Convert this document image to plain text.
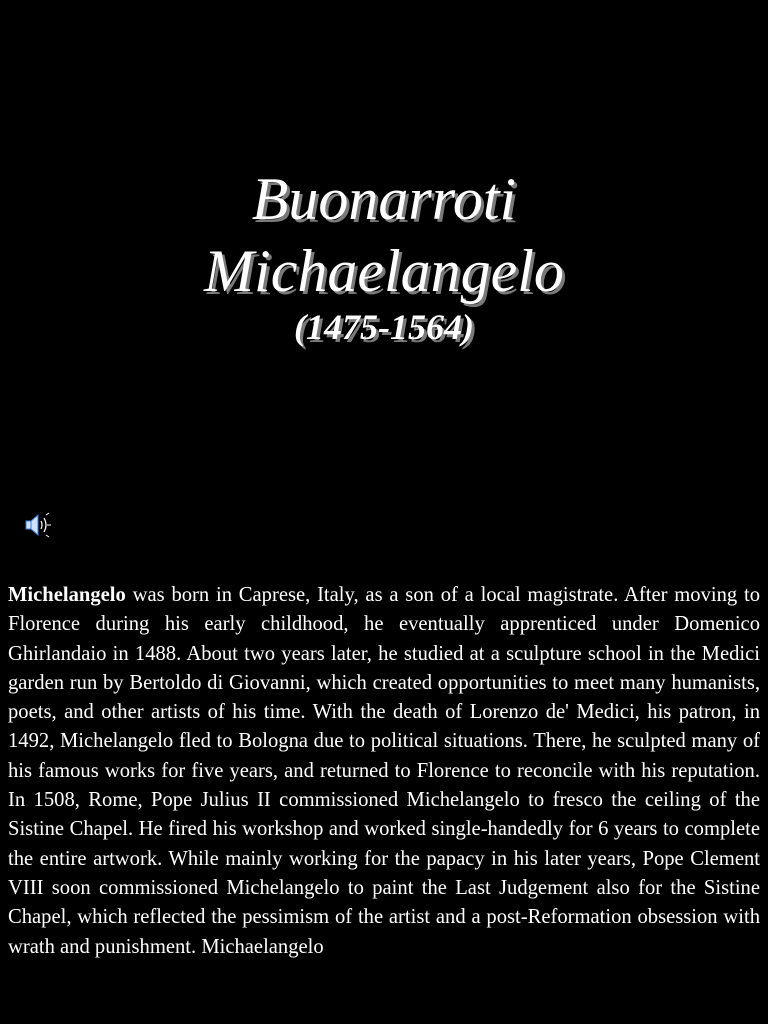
Buonarroti
Michaelangelo
(1475-1564)

Michelangelo was born in Caprese, Italy, as a son of a local magistrate. After moving to Florence during his early childhood, he eventually apprenticed under Domenico Ghirlandaio in 1488. About two years later, he studied at a sculpture school in the Medici garden run by Bertoldo di Giovanni, which created opportunities to meet many humanists, poets, and other artists of his time. With the death of Lorenzo de' Medici, his patron, in 1492, Michelangelo fled to Bologna due to political situations. There, he sculpted many of his famous works for five years, and returned to Florence to reconcile with his reputation. In 1508, Rome, Pope Julius II commissioned Michelangelo to fresco the ceiling of the Sistine Chapel. He fired his workshop and worked single-handedly for 6 years to complete the entire artwork. While mainly working for the papacy in his later years, Pope Clement VIII soon commissioned Michelangelo to paint the Last Judgement also for the Sistine Chapel, which reflected the pessimism of the artist and a post-Reformation obsession with wrath and punishment. Michaelangelo
